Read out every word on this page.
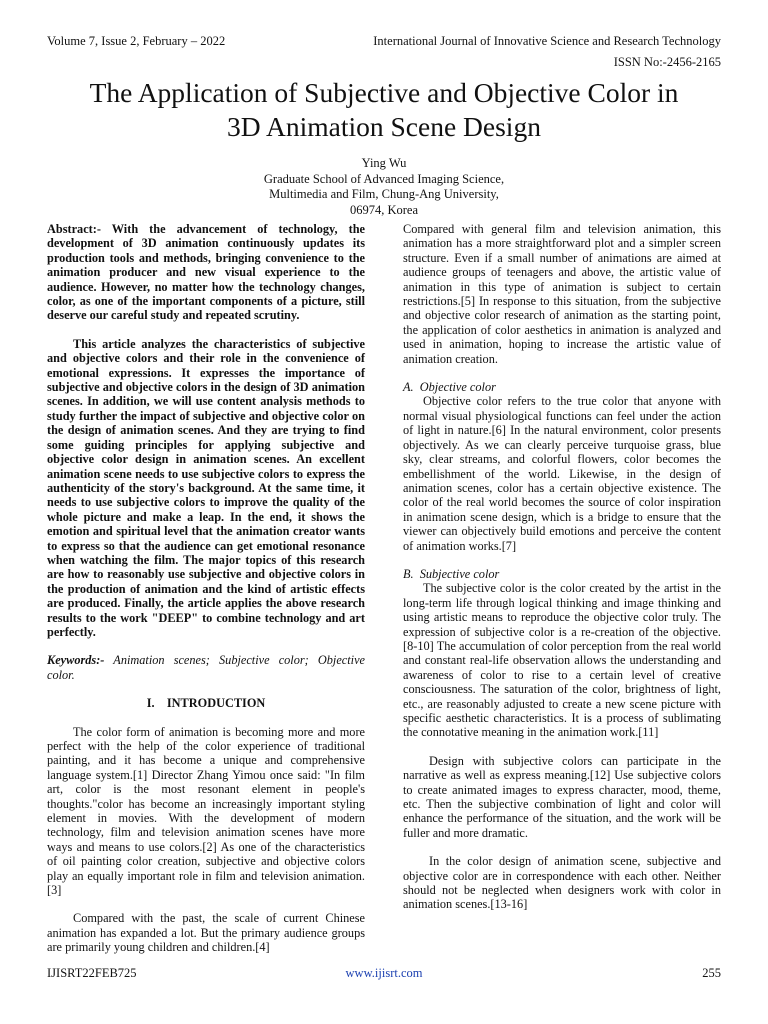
Volume 7, Issue 2, February – 2022	International Journal of Innovative Science and Research Technology
ISSN No:-2456-2165
The Application of Subjective and Objective Color in
3D Animation Scene Design
Ying Wu
Graduate School of Advanced Imaging Science,
Multimedia and Film, Chung-Ang University,
06974, Korea

Abstract:- With the advancement of technology, the development of 3D animation continuously updates its production tools and methods, bringing convenience to the animation producer and new visual experience to the audience. However, no matter how the technology changes, color, as one of the important components of a picture, still deserve our careful study and repeated scrutiny.

This article analyzes the characteristics of subjective and objective colors and their role in the convenience of emotional expressions. It expresses the importance of subjective and objective colors in the design of 3D animation scenes. In addition, we will use content analysis methods to study further the impact of subjective and objective color on the design of animation scenes. And they are trying to find some guiding principles for applying subjective and objective color design in animation scenes. An excellent animation scene needs to use subjective colors to express the authenticity of the story's background. At the same time, it needs to use subjective colors to improve the quality of the whole picture and make a leap. In the end, it shows the emotion and spiritual level that the animation creator wants to express so that the audience can get emotional resonance when watching the film. The major topics of this research are how to reasonably use subjective and objective colors in the production of animation and the kind of artistic effects are produced. Finally, the article applies the above research results to the work "DEEP" to combine technology and art perfectly.

Keywords:- Animation scenes; Subjective color; Objective color.

I.    INTRODUCTION

The color form of animation is becoming more and more perfect with the help of the color experience of traditional painting, and it has become a unique and comprehensive language system.[1] Director Zhang Yimou once said: "In film art, color is the most resonant element in people's thoughts."color has become an increasingly important styling element in movies. With the development of modern technology, film and television animation scenes have more ways and means to use colors.[2] As one of the characteristics of oil painting color creation, subjective and objective colors play an equally important role in film and television animation.[3]

Compared with the past, the scale of current Chinese animation has expanded a lot. But the primary audience groups are primarily young children and children.[4]

Compared with general film and television animation, this animation has a more straightforward plot and a simpler screen structure. Even if a small number of animations are aimed at audience groups of teenagers and above, the artistic value of animation in this type of animation is subject to certain restrictions.[5] In response to this situation, from the subjective and objective color research of animation as the starting point, the application of color aesthetics in animation is analyzed and used in animation, hoping to increase the artistic value of animation creation.

A.  Objective color

Objective color refers to the true color that anyone with normal visual physiological functions can feel under the action of light in nature.[6] In the natural environment, color presents objectively. As we can clearly perceive turquoise grass, blue sky, clear streams, and colorful flowers, color becomes the embellishment of the world. Likewise, in the design of animation scenes, color has a certain objective existence. The color of the real world becomes the source of color inspiration in animation scene design, which is a bridge to ensure that the viewer can objectively build emotions and perceive the content of animation works.[7]

B.  Subjective color

The subjective color is the color created by the artist in the long-term life through logical thinking and image thinking and using artistic means to reproduce the objective color truly. The expression of subjective color is a re-creation of the objective.[8-10] The accumulation of color perception from the real world and constant real-life observation allows the understanding and awareness of color to rise to a certain level of creative consciousness. The saturation of the color, brightness of light, etc., are reasonably adjusted to create a new scene picture with specific aesthetic characteristics. It is a process of sublimating the connotative meaning in the animation work.[11]

Design with subjective colors can participate in the narrative as well as express meaning.[12] Use subjective colors to create animated images to express character, mood, theme, etc. Then the subjective combination of light and color will enhance the performance of the situation, and the work will be fuller and more dramatic.

In the color design of animation scene, subjective and objective color are in correspondence with each other. Neither should not be neglected when designers work with color in animation scenes.[13-16]

IJISRT22FEB725	www.ijisrt.com	255
